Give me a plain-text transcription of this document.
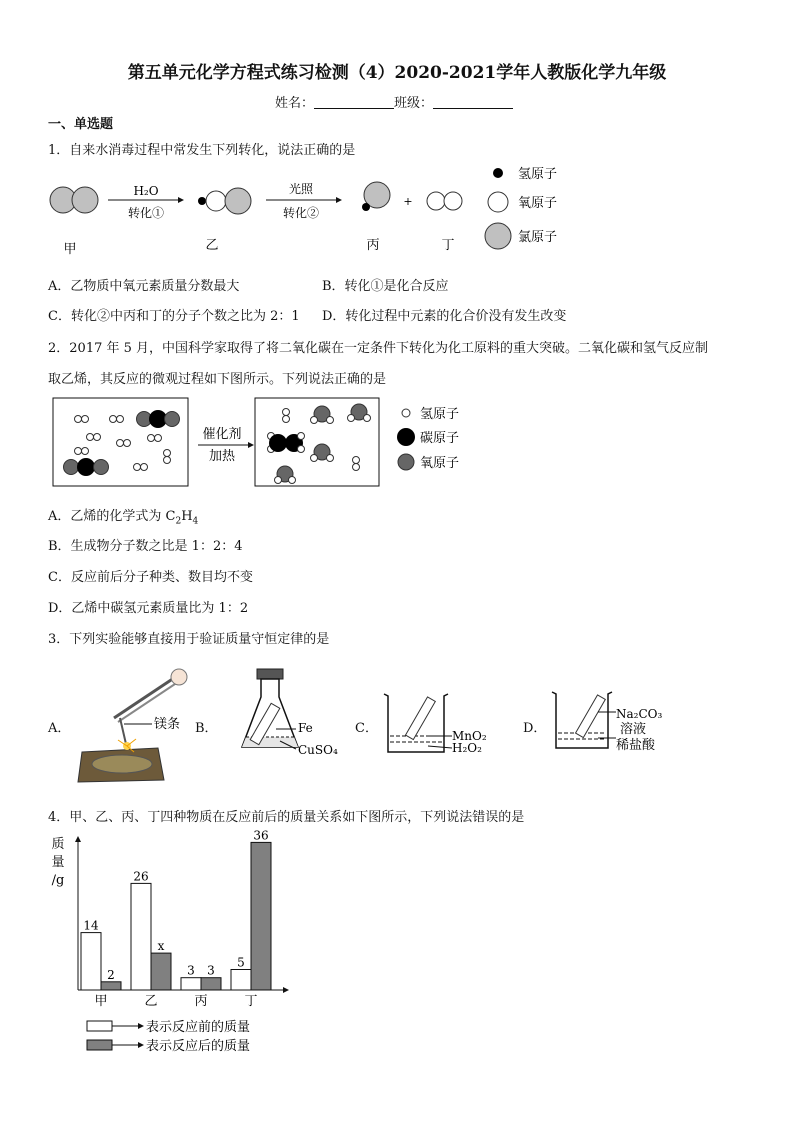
第五单元化学方程式练习检测（4）2020-2021学年人教版化学九年级
姓名：	班级：
一、单选题
1．自来水消毒过程中常发生下列转化，说法正确的是
H₂O
转化①
光照
转化②
+
甲	乙	丙	丁
氢原子
氧原子
氯原子
A．乙物质中氧元素质量分数最大	B．转化①是化合反应
C．转化②中丙和丁的分子个数之比为 2：1 D．转化过程中元素的化合价没有发生改变
2．2017 年 5 月，中国科学家取得了将二氧化碳在一定条件下转化为化工原料的重大突破。二氧化碳和氢气反应制
取乙烯，其反应的微观过程如下图所示。下列说法正确的是
催化剂
加热
氢原子
碳原子
氧原子
A．乙烯的化学式为 $C_2H_4$
B．生成物分子数之比是 1：2：4
C．反应前后分子种类、数目均不变
D．乙烯中碳氢元素质量比为 1：2
3．下列实验能够直接用于验证质量守恒定律的是
A．	镁条 B．	Fe
CuSO₄
C．	MnO₂
H₂O₂
D．
Na₂CO₃
溶液
稀盐酸
4．甲、乙、丙、丁四种物质在反应前后的质量关系如下图所示，下列说法错误的是
质
量
/g
14
2
甲
26
x
乙
3 3
丙
5
36
丁
表示反应前的质量
表示反应后的质量
